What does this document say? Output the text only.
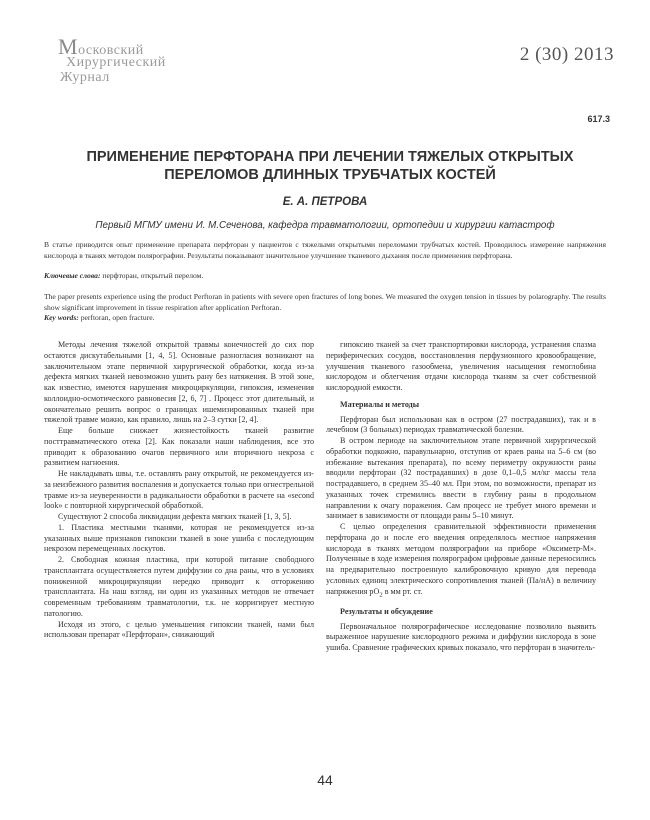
Московский
Хирургический
Журнал
2 (30) 2013
617.3
ПРИМЕНЕНИЕ ПЕРФТОРАНА ПРИ ЛЕЧЕНИИ ТЯЖЕЛЫХ ОТКРЫТЫХ ПЕРЕЛОМОВ ДЛИННЫХ ТРУБЧАТЫХ КОСТЕЙ
Е. А. ПЕТРОВА
Первый МГМУ имени И. М.Сеченова, кафедра травматологии, ортопедии и хирургии катастроф
В статье приводится опыт применение препарата перфторан у пациентов с тяжелыми открытыми переломами трубчатых костей. Проводилось измерение напряжения кислорода в тканях методом полярографии. Результаты показывают значительное улучшение тканевого дыхания после применения перфторана.
Ключевые слова: перфторан, открытый перелом.
The paper presents experience using the product Perftoran in patients with severe open fractures of long bones. We measured the oxygen tension in tissues by polarography. The results show significant improvement in tissue respiration after application Perftoran.
Key words: perftoran, open fracture.

Методы лечения тяжелой открытой травмы конечностей до сих пор остаются дискутабельными [1, 4, 5]. Основные разногласия возникают на заключительном этапе первичной хирургической обработки, когда из-за дефекта мягких тканей невозможно ушить рану без натяжения. В этой зоне, как известно, имеются нарушения микроциркуляции, гипоксия, изменения коллоидно-осмотического равновесия [2, 6, 7] . Процесс этот длительный, и окончательно решить вопрос о границах ишемизированных тканей при тяжелой травме можно, как правило, лишь на 2–3 сутки [2, 4].

Еще больше снижает жизнестойкость тканей развитие посттравматического отека [2]. Как показали наши наблюдения, все это приводит к образованию очагов первичного или вторичного некроза с развитием нагноения.

Не накладывать швы, т.е. оставлять рану открытой, не рекомендуется из-за неизбежного развития воспаления и допускается только при огнестрельной травме из-за неуверенности в радикальности обработки в расчете на «second look» с повторной хирургической обработкой.

Существуют 2 способа ликвидации дефекта мягких тканей [1, 3, 5].

1. Пластика местными тканями, которая не рекомендуется из-за указанных выше признаков гипоксии тканей в зоне ушиба с последующим некрозом перемещенных лоскутов.

2. Свободная кожная пластика, при которой питание свободного трансплантата осуществляется путем диффузии со дна раны, что в условиях пониженной микроциркуляции нередко приводит к отторжению трансплантата. На наш взгляд, ни один из указанных методов не отвечает современным требованиям травматологии, т.к. не корригирует местную патологию.

Исходя из этого, с целью уменьшения гипоксии тканей, нами был использован препарат «Перфторан», снижающий

гипоксию тканей за счет транспортировки кислорода, устранения спазма периферических сосудов, восстановления перфузионного кровообращение, улучшения тканевого газообмена, увеличения насыщения гемоглобина кислородом и облегчения отдачи кислорода тканям за счет собственной кислородной емкости.

Материалы и методы

Перфторан был использован как в остром (27 пострадавших), так и в лечебном (3 больных) периодах травматической болезни.

В остром периоде на заключительном этапе первичной хирургической обработки подкожно, паравульнарно, отступив от краев раны на 5–6 см (во избежание вытекания препарата), по всему периметру окружности раны вводили перфторан (32 пострадавших) в дозе 0,1–0,5 мл/кг массы тела пострадавшего, в среднем 35–40 мл. При этом, по возможности, препарат из указанных точек стремились ввести в глубину раны в продольном направлении к очагу поражения. Сам процесс не требует много времени и занимает в зависимости от площади раны 5–10 минут.

С целью определения сравнительной эффективности применения перфторана до и после его введения определялось местное напряжения кислорода в тканях методом полярографии на приборе «Оксиметр-М». Полученные в ходе измерения полярографом цифровые данные переносились на предварительно построенную калибровочную кривую для перевода условных единиц электрического сопротивления тканей (Па/нА) в величину напряжения $pO_2$ в мм рт. ст.

Результаты и обсуждение

Первоначальное полярографическое исследование позволило выявить выраженное нарушение кислородного режима и диффузии кислорода в зоне ушиба. Сравнение графических кривых показало, что перфторан в значитель-

44
